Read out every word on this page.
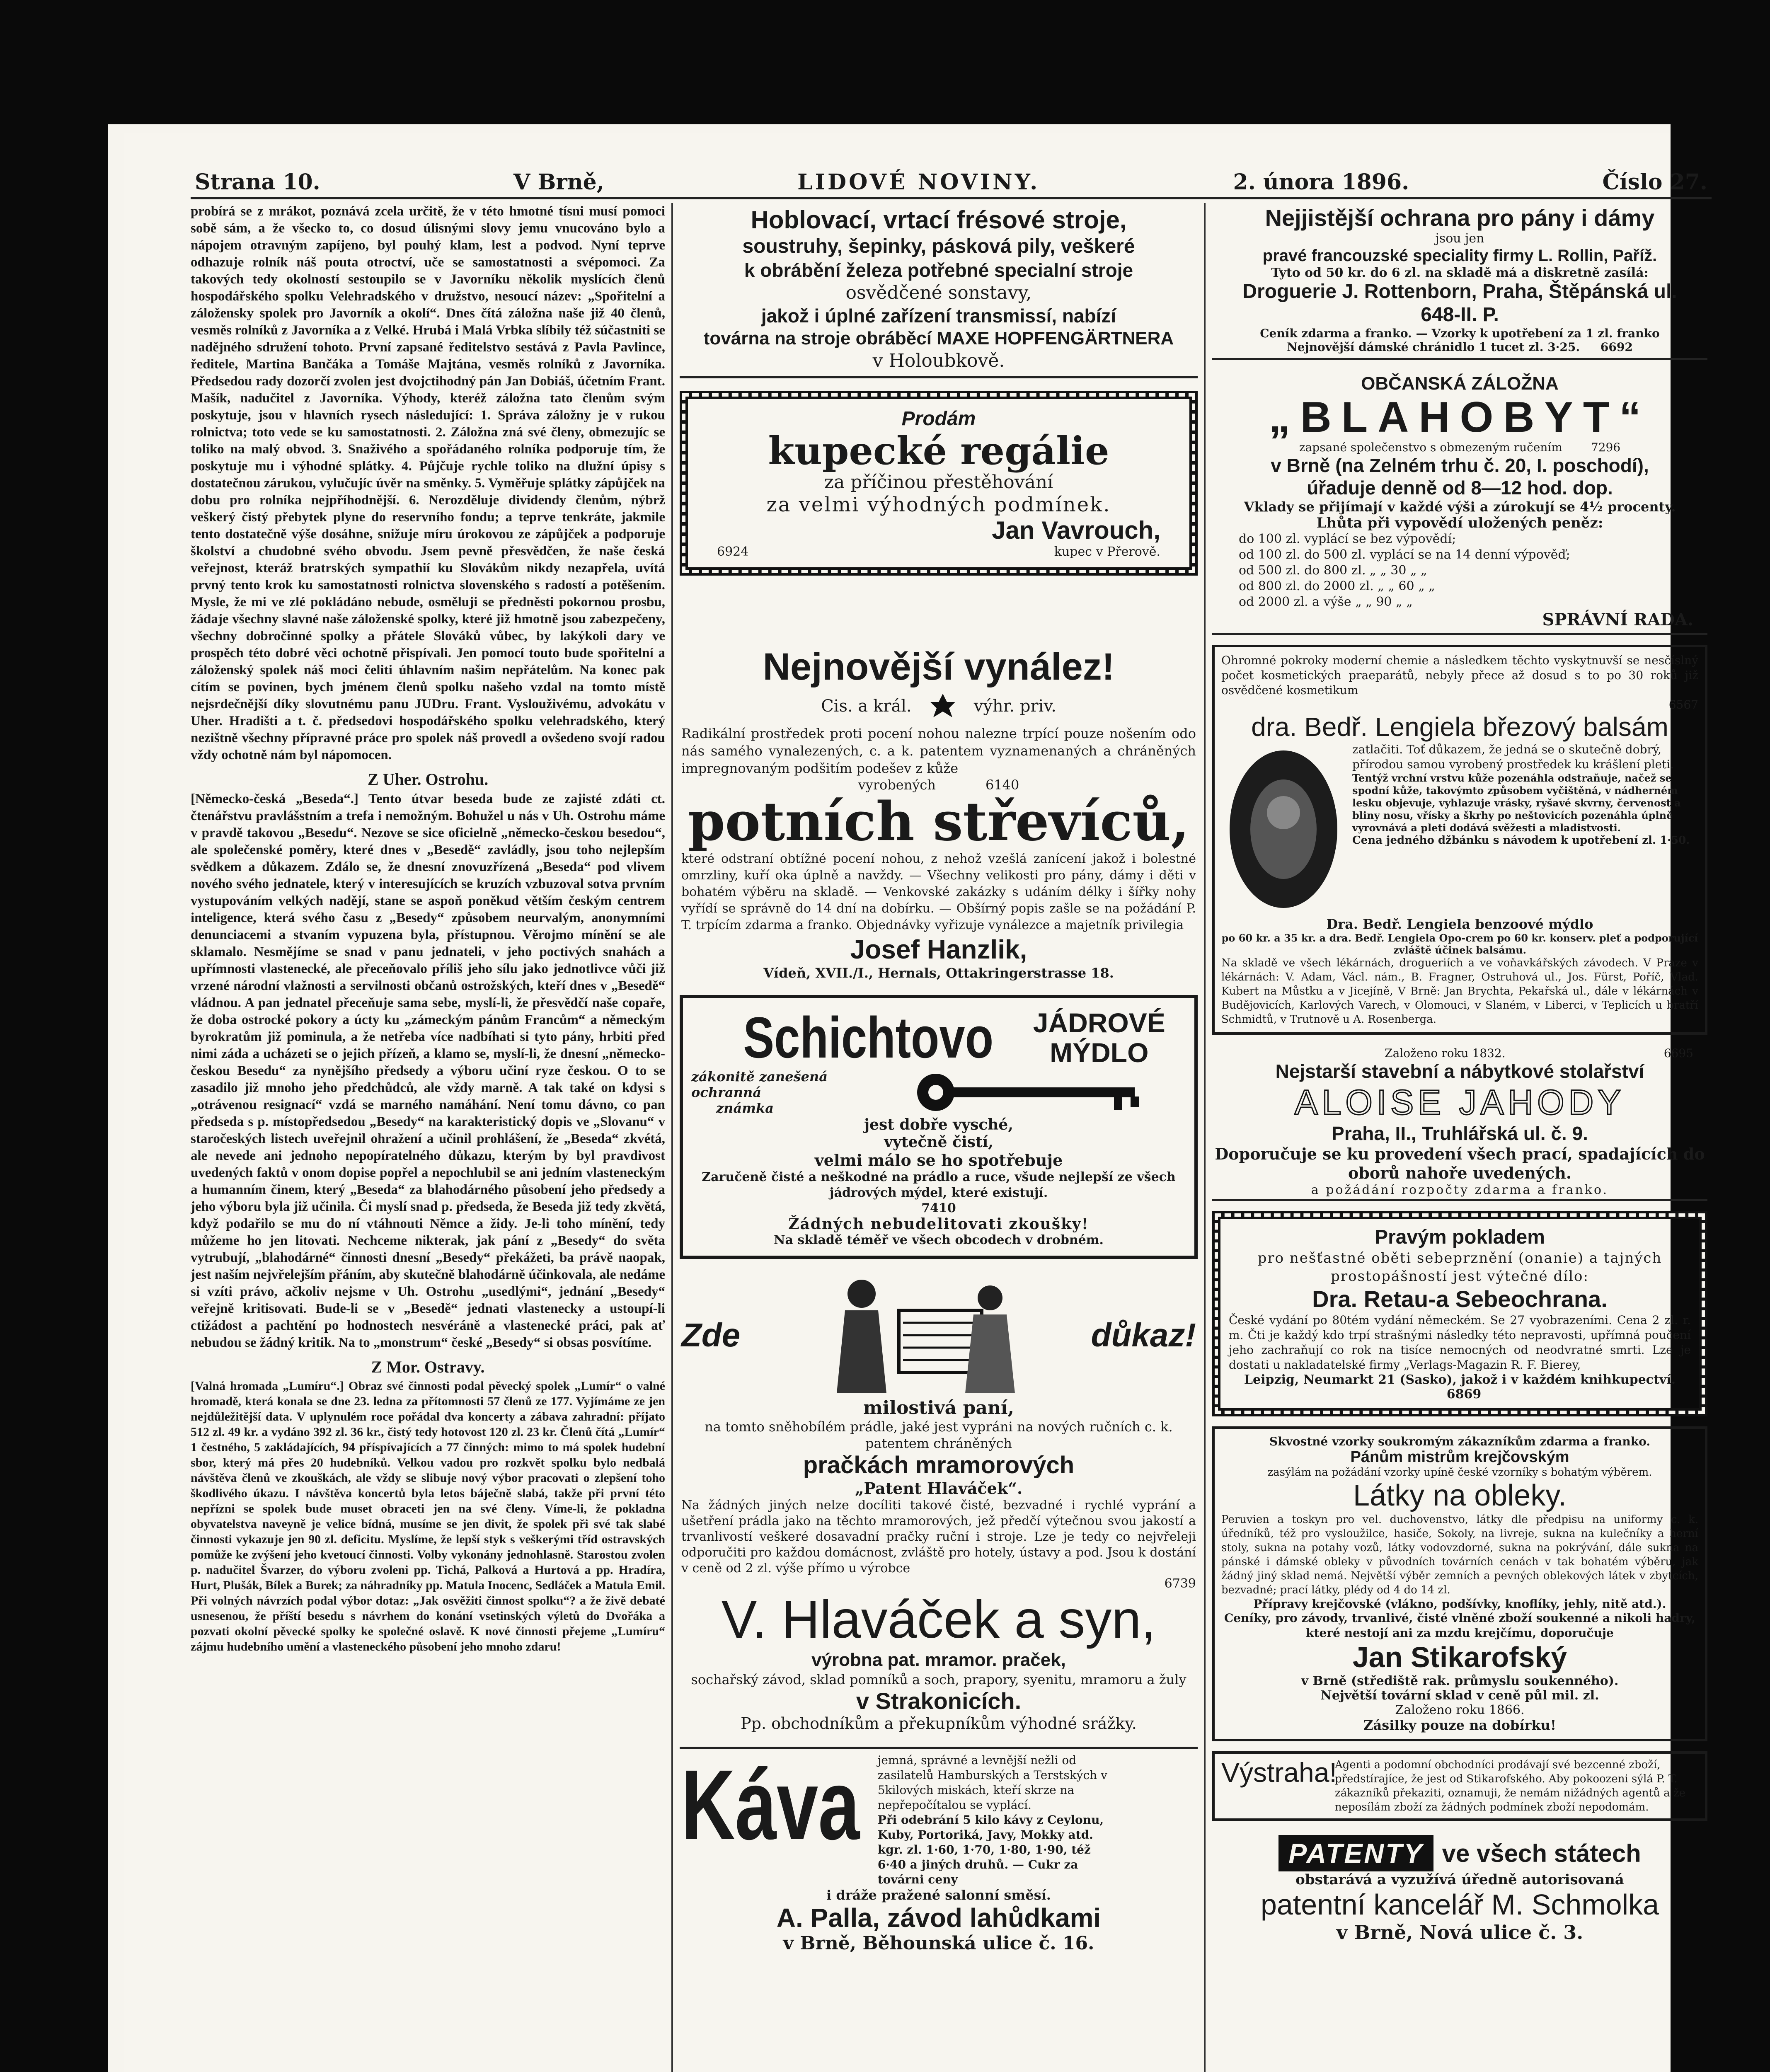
Strana 10.	V Brně,	LIDOVÉ NOVINY.	2. února 1896.	Číslo 27.

probírá se z mrákot, poznává zcela určitě, že v této hmotné tísni musí pomoci sobě sám, a že všecko to, co dosud úlisnými slovy jemu vnucováno bylo a nápojem otravným zapíjeno, byl pouhý klam, lest a podvod. Nyní teprve odhazuje rolník náš pouta otroctví, uče se samostatnosti a svépomoci. Za takových tedy okolností sestoupilo se v Javorníku několik myslících členů hospodářského spolku Velehradského v družstvo, nesoucí název: „Spořitelní a záložensky spolek pro Javorník a okolí“. Dnes čítá záložna naše již 40 členů, vesměs rolníků z Javorníka a z Velké. Hrubá i Malá Vrbka slíbily též súčastniti se nadějného sdružení tohoto. První zapsané ředitelstvo sestává z Pavla Pavlince, ředitele, Martina Bančáka a Tomáše Majtána, vesměs rolníků z Javorníka. Předsedou rady dozorčí zvolen jest dvojctihodný pán Jan Dobiáš, účetním Frant. Mašík, nadučitel z Javorníka. Výhody, kteréž záložna tato členům svým poskytuje, jsou v hlavních rysech následující: 1. Správa záložny je v rukou rolnictva; toto vede se ku samostatnosti. 2. Záložna zná své členy, obmezujíc se toliko na malý obvod. 3. Snaživého a spořádaného rolníka podporuje tím, že poskytuje mu i výhodné splátky. 4. Půjčuje rychle toliko na dlužní úpisy s dostatečnou zárukou, vylučujíc úvěr na směnky. 5. Vyměřuje splátky zápůjček na dobu pro rolníka nejpříhodnější. 6. Nerozděluje dividendy členům, nýbrž veškerý čistý přebytek plyne do reservního fondu; a teprve tenkráte, jakmile tento dostatečně výše dosáhne, snižuje míru úrokovou ze zápůjček a podporuje školství a chudobné svého obvodu. Jsem pevně přesvědčen, že naše česká veřejnost, kteráž bratrských sympathií ku Slovákům nikdy nezapřela, uvítá prvný tento krok ku samostatnosti rolnictva slovenského s radostí a potěšením. Mysle, že mi ve zlé pokládáno nebude, osměluji se předněsti pokornou prosbu, žádaje všechny slavné naše záloženské spolky, které již hmotně jsou zabezpečeny, všechny dobročinné spolky a přátele Slováků vůbec, by lakýkoli dary ve prospěch této dobré věci ochotně přispívali. Jen pomocí touto bude spořitelní a záloženský spolek náš moci čeliti úhlavním našim nepřátelům. Na konec pak cítím se povinen, bych jménem členů spolku našeho vzdal na tomto místě nejsrdečnější díky slovutnému panu JUDru. Frant. Vyslouživému, advokátu v Uher. Hradišti a t. č. předsedovi hospodářského spolku velehradského, který nezištně všechny přípravné práce pro spolek náš provedl a ovšedeno svojí radou vždy ochotně nám byl nápomocen.

Z Uher. Ostrohu.

[Německo-česká „Beseda“.] Tento útvar beseda bude ze zajisté zdáti ct. čtenářstvu pravlášstním a trefa i nemožným. Bohužel u nás v Uh. Ostrohu máme v pravdě takovou „Besedu“. Nezove se sice oficielně „německo-českou besedou“, ale společenské poměry, které dnes v „Besedě“ zavládly, jsou toho nejlepším svědkem a důkazem. Zdálo se, že dnesní znovuzřízená „Beseda“ pod vlivem nového svého jednatele, který v interesujících se kruzích vzbuzoval sotva prvním vystupováním velkých nadějí, stane se aspoň poněkud větším českým centrem inteligence, která svého času z „Besedy“ způsobem neurvalým, anonymními denunciacemi a stvaním vypuzena byla, přístupnou. Věrojmo mínění se ale sklamalo. Nesmějíme se snad v panu jednateli, v jeho poctivých snahách a upřímnosti vlastenecké, ale přeceňovalo příliš jeho sílu jako jednotlivce vůči již vrzené národní vlažnosti a servilnosti občanů ostrožských, kteří dnes v „Besedě“ vládnou. A pan jednatel přeceňuje sama sebe, myslí-li, že přesvědčí naše copaře, že doba ostrocké pokory a úcty ku „zámeckým pánům Francům“ a německým byrokratům již pominula, a že netřeba více nadbíhati si tyto pány, hrbiti před nimi záda a ucházeti se o jejich přízeň, a klamo se, myslí-li, že dnesní „německo-českou Besedu“ za nynějšího předsedy a výboru učiní ryze českou. O to se zasadilo již mnoho jeho předchůdců, ale vždy marně. A tak také on kdysi s „otrávenou resignací“ vzdá se marného namáhání. Není tomu dávno, co pan předseda s p. místopředsedou „Besedy“ na karakteristický dopis ve „Slovanu“ v staročeských listech uveřejnil ohražení a učinil prohlášení, že „Beseda“ zkvétá, ale nevede ani jednoho nepopíratelného důkazu, kterým by byl pravdivost uvedených faktů v onom dopise popřel a nepochlubil se ani jedním vlasteneckým a humanním činem, který „Beseda“ za blahodárného působení jeho předsedy a jeho výboru byla již učinila. Či myslí snad p. předseda, že Beseda již tedy zkvětá, když podařilo se mu do ní vtáhnouti Němce a židy. Je-li toho mínění, tedy můžeme ho jen litovati. Nechceme nikterak, jak pání z „Besedy“ do světa vytrubují, „blahodárné“ činnosti dnesní „Besedy“ překážeti, ba právě naopak, jest naším nejvřelejším přáním, aby skutečně blahodárně účinkovala, ale nedáme si vzíti právo, ačkoliv nejsme v Uh. Ostrohu „usedlými“, jednání „Besedy“ veřejně kritisovati. Bude-li se v „Besedě“ jednati vlastenecky a ustoupí-li ctižádost a pachtění po hodnostech nesvéráně a vlastenecké práci, pak ať nebudou se žádný kritik. Na to „monstrum“ české „Besedy“ si obsas posvítíme.

Z Mor. Ostravy.

[Valná hromada „Lumíru“.] Obraz své činnosti podal pěvecký spolek „Lumír“ o valné hromadě, která konala se dne 23. ledna za přítomnosti 57 členů ze 177. Vyjímáme ze jen nejdůležitější data. V uplynulém roce pořádal dva koncerty a zábava zahradní: příjato 512 zl. 49 kr. a vydáno 392 zl. 36 kr., čistý tedy hotovost 120 zl. 23 kr. Členů čítá „Lumír“ 1 čestného, 5 zakládajících, 94 příspívajících a 77 činných: mimo to má spolek hudební sbor, který má přes 20 hudebníků. Velkou vadou pro rozkvět spolku bylo nedbalá návštěva členů ve zkouškách, ale vždy se slibuje nový výbor pracovati o zlepšení toho škodlivého úkazu. I návštěva koncertů byla letos báječně slabá, takže při první této nepřízni se spolek bude muset obraceti jen na své členy. Víme-li, že pokladna obyvatelstva naveyně je velice bídná, musíme se jen divit, že spolek při své tak slabé činnosti vykazuje jen 90 zl. deficitu. Myslíme, že lepší styk s veškerými tříd ostravských pomůže ke zvýšení jeho kvetoucí činnosti. Volby vykonány jednohlasně. Starostou zvolen p. nadučitel Švarzer, do výboru zvoleni pp. Tichá, Palková a Hurtová a pp. Hradíra, Hurt, Plušák, Bílek a Burek; za náhradníky pp. Matula Inocenc, Sedláček a Matula Emil. Při volných návrzích podal výbor dotaz: „Jak osvěžiti činnost spolku“? a že živě debaté usnesenou, že příští besedu s návrhem do konání vsetinských výletů do Dvořáka a pozvati okolní pěvecké spolky ke společné oslavě. K nové činnosti přejeme „Lumíru“ zájmu hudebního umění a vlasteneckého působení jeho mnoho zdaru!

Hoblovací, vrtací frésové stroje,
soustruhy, šepinky, pásková pily, veškeré
k obrábění železa potřebné specialní stroje
osvědčené sonstavy,
jakož i úplné zařízení transmissí, nabízí
továrna na stroje obráběcí MAXE HOPFENGÄRTNERA
v Holoubkově.
Prodám
kupecké regálie
za příčinou přestěhování
za velmi výhodných podmínek.
Jan Vavrouch,
6924	kupec v Přerově.
Nejnovější vynález!
Cis. a král.	výhr. priv.
Radikální prostředek proti pocení nohou nalezne trpící pouze nošením odo nás samého vynalezených, c. a k. patentem vyznamenaných a chráněných impregnovaným podšitím podešev z kůže
vyrobených	6140
potních střevíců,
které odstraní obtížné pocení nohou, z nehož vzešlá zanícení jakož i bolestné omrzliny, kuří oka úplně a navždy. — Všechny velikosti pro pány, dámy i děti v bohatém výběru na skladě. — Venkovské zakázky s udáním délky i šířky nohy vyřídí se správně do 14 dní na dobírku. — Obšírný popis zašle se na požádání P. T. trpícím zdarma a franko. Objednávky vyřizuje vynálezce a majetník privilegia
Josef Hanzlik,
Vídeň, XVII./I., Hernals, Ottakringerstrasse 18.
Schichtovo JÁDROVÉ
MÝDLO
zákonitě zanešená ochranná
známka
jest dobře vysché,
vytečně čistí,
velmi málo se ho spotřebuje
Zaručeně čisté a neškodné na prádlo a ruce, všude nejlepší ze všech jádrových mýdel, které existují.
7410
Žádných nebudelitovati zkoušky!
Na skladě téměř ve všech obcodech v drobném.
Zde	důkaz!
milostivá paní,
na tomto sněhobílém prádle, jaké jest vypráni na nových ručních c. k. patentem chráněných
pračkách mramorových
„Patent Hlaváček“.
Na žádných jiných nelze docíliti takové čisté, bezvadné i rychlé vyprání a ušetření prádla jako na těchto mramorových, jež předčí výtečnou svou jakostí a trvanlivostí veškeré dosavadní pračky ruční i stroje. Lze je tedy co nejvřeleji odporučiti pro každou domácnost, zvláště pro hotely, ústavy a pod. Jsou k dostání v ceně od 2 zl. výše přímo u výrobce
6739
V. Hlaváček a syn,
výrobna pat. mramor. praček,
sochařský závod, sklad pomníků a soch, prapory, syenitu, mramoru a žuly
v Strakonicích.
Pp. obchodníkům a překupníkům výhodné srážky.
Káva jemná, správné a levnější nežli od zasilatelů Hamburských a Terstských v 5kilových miskách, kteří skrze na nepřepočítalou se vyplácí.
Při odebrání 5 kilo kávy z Ceylonu, Kuby, Portoriká, Javy, Mokky atd. kgr. zl. 1·60, 1·70, 1·80, 1·90, též 6·40 a jiných druhů. — Cukr za továrni ceny
i dráže pražené salonní směsí.
A. Palla, závod lahůdkami
v Brně, Běhounská ulice č. 16.
Nejjistější ochrana pro pány i dámy
jsou jen
pravé francouzské speciality firmy L. Rollin, Paříž.
Tyto od 50 kr. do 6 zl. na skladě má a diskretně zasílá:
Droguerie J. Rottenborn, Praha, Štěpánská ul.
648-II. P.
Ceník zdarma a franko. — Vzorky k upotřebení za 1 zl. franko
Nejnovější dámské chránidlo 1 tucet zl. 3·25. 6692
OBČANSKÁ ZÁLOŽNA
„BLAHOBYT“
zapsané společenstvo s obmezeným ručením 7296
v Brně (na Zelném trhu č. 20, I. poschodí),
úřaduje denně od 8—12 hod. dop.
Vklady se přijímají v každé výši a zúrokují se 4½ procenty.
Lhůta při vypovědí uložených peněz:
do 100 zl. vyplácí se bez výpovědí;
od 100 zl. do 500 zl. vyplácí se na 14 denní výpověď;
od 500 zl. do 800 zl. „ „ 30 „ „
od 800 zl. do 2000 zl. „ „ 60 „ „
od 2000 zl. a výše „ „ 90 „ „
SPRÁVNÍ RADA.
Ohromné pokroky moderní chemie a následkem těchto vyskytnuvší se nesčíslný počet kosmetických praeparátů, nebyly přece až dosud s to po 30 roků již osvědčené kosmetikum
6567
dra. Bedř. Lengiela březový balsám
zatlačiti. Toť důkazem, že jedná se o skutečně dobrý, přírodou samou vyrobený prostředek ku krášlení pleti.
Tentýž vrchní vrstvu kůže pozenáhla odstraňuje, načež se spodní kůže, takovýmto způsobem vyčištěná, v nádherném lesku objevuje, vyhlazuje vrásky, ryšavé skvrny, červenost a bliny nosu, vřísky a škrhy po neštovicích pozenáhla úplně vyrovnává a pleti dodává svěžesti a mladistvosti.
Cena jedného džbánku s návodem k upotřebení zl. 1·50.
Dra. Bedř. Lengiela benzoové mýdlo
po 60 kr. a 35 kr. a dra. Bedř. Lengiela Opo-crem po 60 kr. konserv. pleť a podporující zvláště účinek balsámu.
Na skladě ve všech lékárnách, drogueriích a ve voňavkářských závodech. V Praze v lékárnách: V. Adam, Václ. nám., B. Fragner, Ostruhová ul., Jos. Fürst, Poříč, Vlad. Kubert na Můstku a v Jicejíně, V Brně: Jan Brychta, Pekařská ul., dále v lékárnách v Budějovicích, Karlových Varech, v Olomouci, v Slaném, v Liberci, v Teplicích u bratří Schmidtů, v Trutnově u A. Rosenberga.
Založeno roku 1832.	6695
Nejstarší stavební a nábytkové stolařství
ALOISE JAHODY
Praha, II., Truhlářská ul. č. 9.
Doporučuje se ku provedení všech prací, spadajících do oborů nahoře uvedených.
a požádání rozpočty zdarma a franko.
Pravým pokladem
pro nešťastné oběti sebeprznění (onanie) a tajných prostopášností jest výtečné dílo:
Dra. Retau-a Sebeochrana.
České vydání po 80tém vydání německém. Se 27 vyobrazeními. Cena 2 zl. r. m. Čti je každý kdo trpí strašnými následky této nepravosti, upřímná poučení jeho zachraňují co rok na tisíce nemocných od neodvratné smrti. Lze je dostati u nakladatelské firmy „Verlags-Magazin R. F. Bierey,
Leipzig, Neumarkt 21 (Sasko), jakož i v každém knihkupectví. 6869
Skvostné vzorky soukromým zákazníkům zdarma a franko.
Pánům mistrům krejčovským
zasýlám na požádání vzorky upíně české vzorníky s bohatým výběrem.
Látky na obleky.
Peruvien a toskyn pro vel. duchovenstvo, látky dle předpisu na uniformy c. k. úředníků, též pro vysloužilce, hasiče, Sokoly, na livreje, sukna na kulečníky a herní stoly, sukna na potahy vozů, látky vodovzdorné, sukna na pokrývání, dále sukna na pánské i dámské obleky v původních továrních cenách v tak bohatém výběru, jak žádný jiný sklad nemá. Největší výběr zemních a pevných oblekových látek v zbytcích, bezvadné; prací látky, plédy od 4 do 14 zl.
Přípravy krejčovské (vlákno, podšívky, knoflíky, jehly, nitě atd.).
Ceníky, pro závody, trvanlivé, čisté vlněné zboží soukenné a nikoli hadry, které nestojí ani za mzdu krejčímu, doporučuje
Jan Stikarofský
v Brně (střediště rak. průmyslu soukenného).
Největší tovární sklad v ceně půl mil. zl.
Založeno roku 1866.
Zásilky pouze na dobírku!
Výstraha!
Agenti a podomní obchodníci prodávají své bezcenné zboží, předstírajíce, že jest od Stikarofského. Aby pokoozeni sýlá P. T. zákazníků překaziti, oznamuji, že nemám nižádných agentů a že neposílám zboží za žádných podmínek zboží nepodomám.
PATENTY ve všech státech
obstarává a vyzužívá úředně autorisovaná
patentní kancelář M. Schmolka
v Brně, Nová ulice č. 3.
